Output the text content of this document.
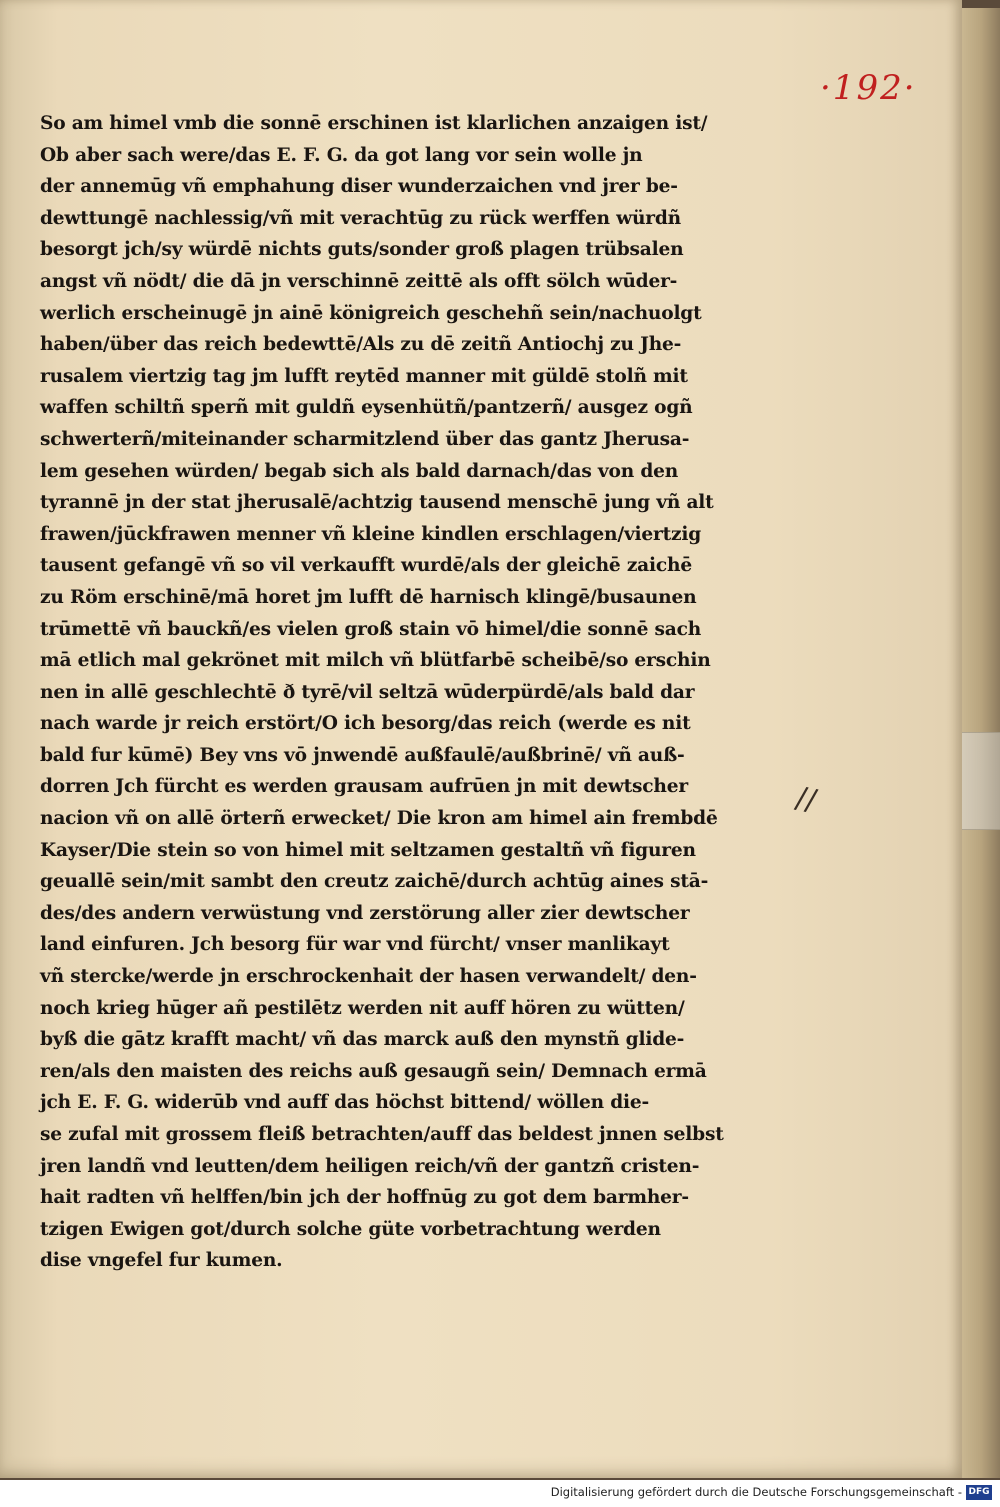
·192·
So am himel vmb die sonnē erschinen ist klarlichen anzaigen ist/
Ob aber sach were/das E. F. G. da got lang vor sein wolle jn
der annemūg vñ emphahung diser wunderzaichen vnd jrer be-
dewttungē nachlessig/vñ mit verachtūg zu rück werffen würdñ
besorgt jch/sy würdē nichts guts/sonder groß plagen trübsalen
angst vñ nödt/ die dā jn verschinnē zeittē als offt sölch wūder-
werlich erscheinugē jn ainē königreich geschehñ sein/nachuolgt
haben/über das reich bedewttē/Als zu dē zeitñ Antiochj zu Jhe-
rusalem viertzig tag jm lufft reytēd manner mit güldē stolñ mit
waffen schiltñ sperñ mit guldñ eysenhütñ/pantzerñ/ ausgez ogñ
schwerterñ/miteinander scharmitzlend über das gantz Jherusa-
lem gesehen würden/ begab sich als bald darnach/das von den
tyrannē jn der stat jherusalē/achtzig tausend menschē jung vñ alt
frawen/jūckfrawen menner vñ kleine kindlen erschlagen/viertzig
tausent gefangē vñ so vil verkaufft wurdē/als der gleichē zaichē
zu Röm erschinē/mā horet jm lufft dē harnisch klingē/busaunen
trūmettē vñ bauckñ/es vielen groß stain vō himel/die sonnē sach
mā etlich mal gekrönet mit milch vñ blütfarbē scheibē/so erschin
nen in allē geschlechtē ð tyrē/vil seltzā wūderpürdē/als bald dar
nach warde jr reich erstört/O ich besorg/das reich (werde es nit
bald fur kūmē) Bey vns vō jnwendē außfaulē/außbrinē/ vñ auß-
dorren Jch fürcht es werden grausam aufrūen jn mit dewtscher
nacion vñ on allē örterñ erwecket/ Die kron am himel ain frembdē
Kayser/Die stein so von himel mit seltzamen gestaltñ vñ figuren
geuallē sein/mit sambt den creutz zaichē/durch achtūg aines stā-
des/des andern verwüstung vnd zerstörung aller zier dewtscher
land einfuren. Jch besorg für war vnd fürcht/ vnser manlikayt
vñ stercke/werde jn erschrockenhait der hasen verwandelt/ den-
noch krieg hūger añ pestilētz werden nit auff hören zu wütten/
byß die gātz krafft macht/ vñ das marck auß den mynstñ glide-
ren/als den maisten des reichs auß gesaugñ sein/ Demnach ermā
jch E. F. G. widerūb vnd auff das höchst bittend/ wöllen die-
se zufal mit grossem fleiß betrachten/auff das beldest jnnen selbst
jren landñ vnd leutten/dem heiligen reich/vñ der gantzñ cristen-
hait radten vñ helffen/bin jch der hoffnūg zu got dem barmher-
tzigen Ewigen got/durch solche güte vorbetrachtung werden
dise vngefel fur kumen.
//
Digitalisierung gefördert durch die Deutsche Forschungsgemeinschaft - DFG
